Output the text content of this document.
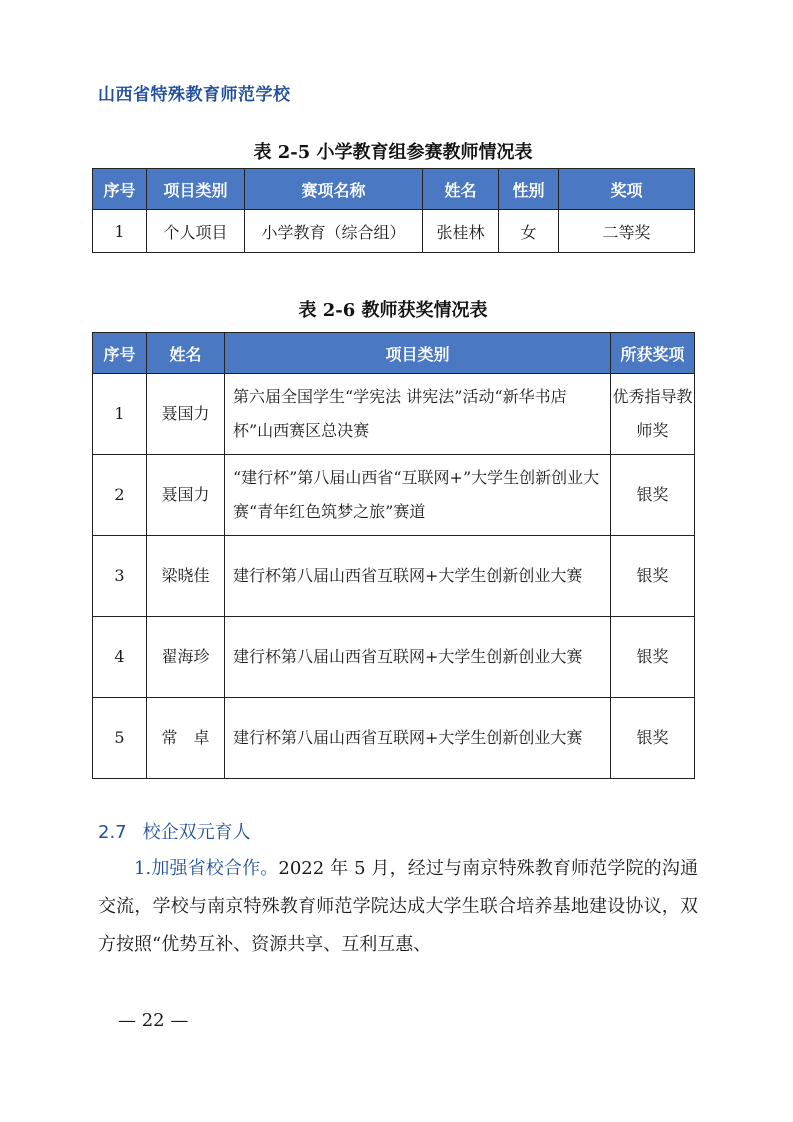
山西省特殊教育师范学校
表 2-5 小学教育组参赛教师情况表
序号	项目类别	赛项名称	姓名	性别	奖项
1	个人项目	小学教育（综合组）	张桂林	女	二等奖
表 2-6 教师获奖情况表
序号	姓名	项目类别	所获奖项
1	聂国力	第六届全国学生“学宪法 讲宪法”活动“新华书店杯”山西赛区总决赛	优秀指导教师奖
2	聂国力	“建行杯”第八届山西省“互联网+”大学生创新创业大赛“青年红色筑梦之旅”赛道	银奖
3	梁晓佳	建行杯第八届山西省互联网+大学生创新创业大赛	银奖
4	翟海珍	建行杯第八届山西省互联网+大学生创新创业大赛	银奖
5	常　卓	建行杯第八届山西省互联网+大学生创新创业大赛	银奖
2.7 校企双元育人
1.加强省校合作。2022 年 5 月，经过与南京特殊教育师范学院的沟通交流，学校与南京特殊教育师范学院达成大学生联合培养基地建设协议，双方按照“优势互补、资源共享、互利互惠、
— 22 —
